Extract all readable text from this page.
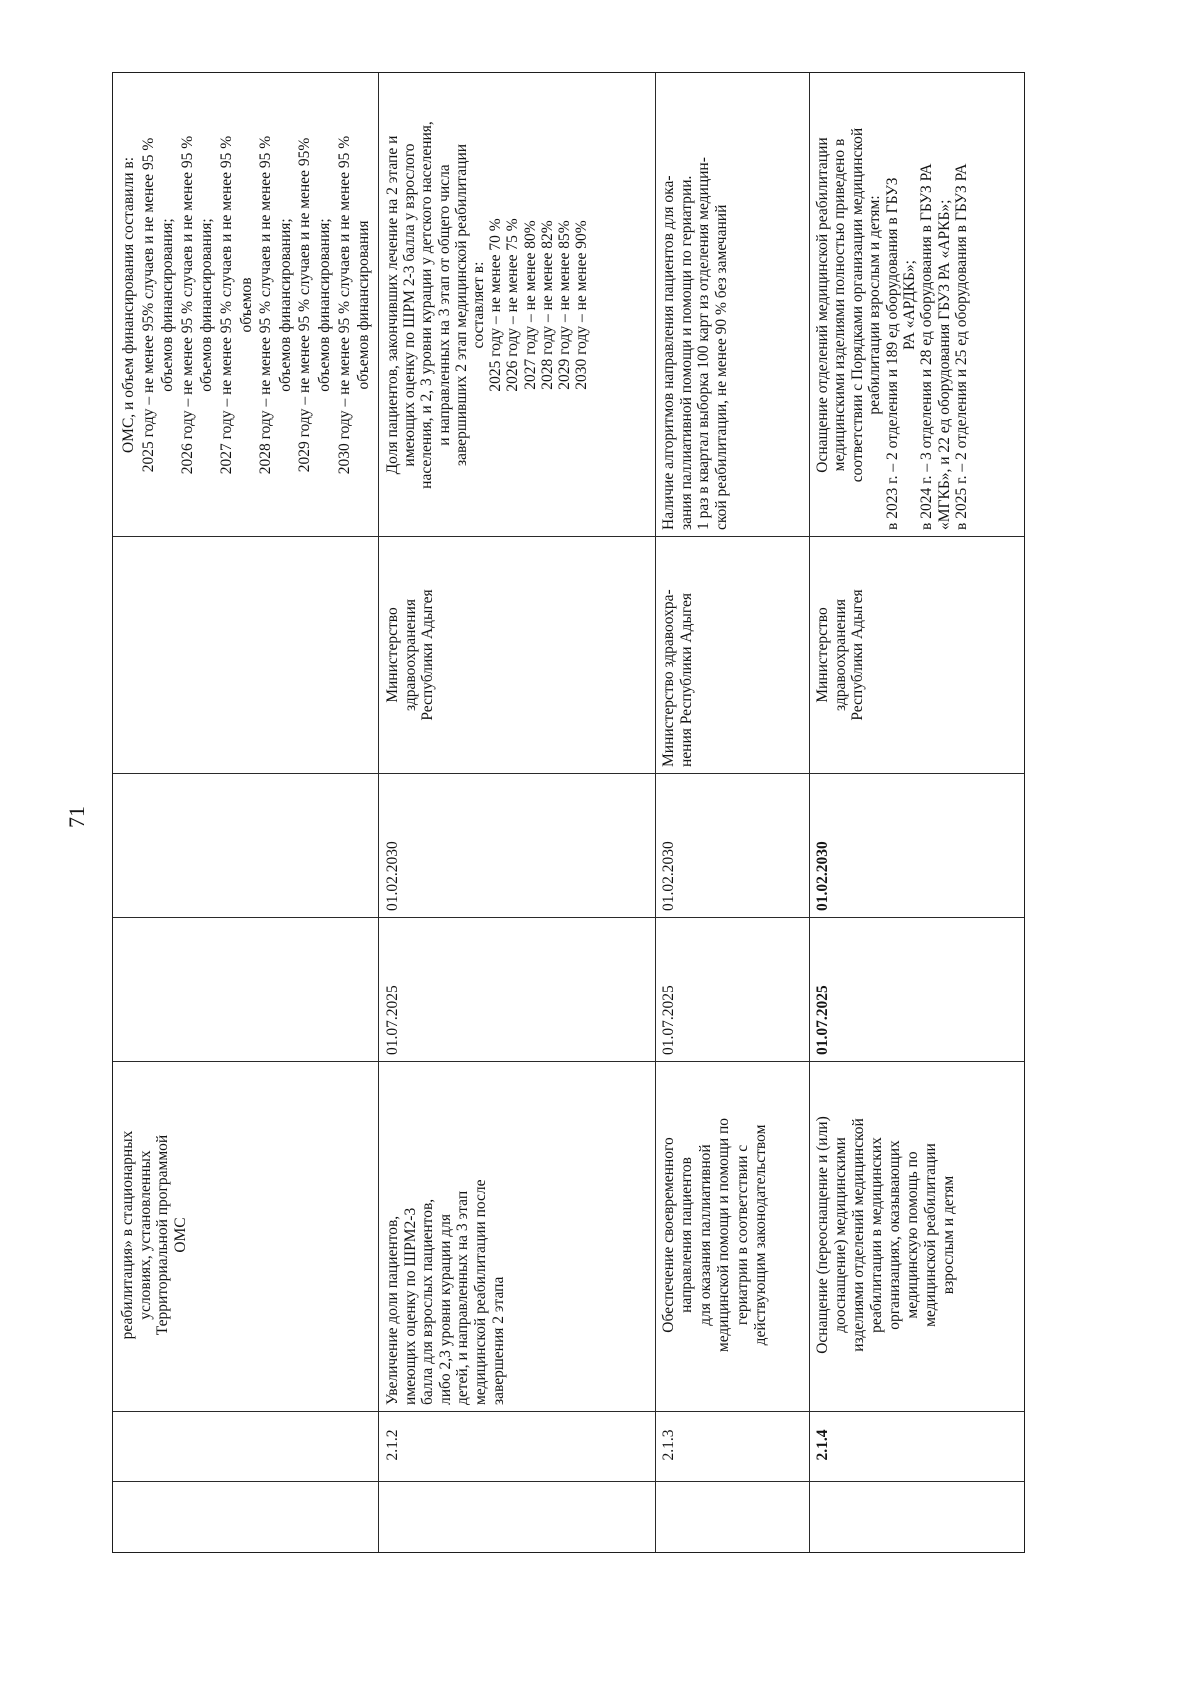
71
реабилитация» в стационарных условиях, установленных Территориальной программой ОМС
ОМС, и объем финансирования составили в: 2025 году – не менее 95% случаев и не менее 95 % объемов финансирования; 2026 году – не менее 95 % случаев и не менее 95 % объемов финансирования; 2027 году – не менее 95 % случаев и не менее 95 % объемов 2028 году – не менее 95 % случаев и не менее 95 % объемов финансирования; 2029 году – не менее 95 % случаев и не менее 95% объемов финансирования; 2030 году – не менее 95 % случаев и не менее 95 % объемов финансирования
2.1.2
Увеличение доли пациентов, имеющих оценку по ШРМ2-3 балла для взрослых пациентов, либо 2,3 уровни курации для детей, и направленных на 3 этап медицинской реабилитации после завершения 2 этапа
01.07.2025
01.02.2030
Министерство здравоохранения Республики Адыгея
Доля пациентов, закончивших лечение на 2 этапе и имеющих оценку по ШРМ 2-3 балла у взрослого населения, и 2, 3 уровни курации у детского населения, и направленных на 3 этап от общего числа завершивших 2 этап медицинской реабилитации составляет в: 2025 году – не менее 70 % 2026 году – не менее 75 % 2027 году – не менее 80% 2028 году – не менее 82% 2029 году – не менее 85% 2030 году – не менее 90%
2.1.3
Обеспечение своевременного направления пациентов для оказания паллиативной медицинской помощи и помощи по гериатрии в соответствии с действующим законодательством
01.07.2025
01.02.2030
Министерство здравоохра- нения Республики Адыгея
Наличие алгоритмов направления пациентов для ока- зания паллиативной помощи и помощи по гериатрии. 1 раз в квартал выборка 100 карт из отделения медицин- ской реабилитации, не менее 90 % без замечаний
2.1.4
Оснащение (переоснащение и (или) дооснащение) медицинскими изделиями отделений медицинской реабилитации в медицинских организациях, оказывающих медицинскую помощь по медицинской реабилитации взрослым и детям
01.07.2025
01.02.2030
Министерство здравоохранения Республики Адыгея
Оснащение отделений медицинской реабилитации медицинскими изделиями полностью приведено в соответствии с Порядками организации медицинской реабилитации взрослым и детям: в 2023 г. – 2 отделения и 189 ед оборудования в ГБУЗ РА «АРДКБ»; в 2024 г. – 3 отделения и 28 ед оборудования в ГБУЗ РА «МГКБ», и 22 ед оборудования ГБУЗ РА «АРКБ»; в 2025 г. – 2 отделения и 25 ед оборудования в ГБУЗ РА
